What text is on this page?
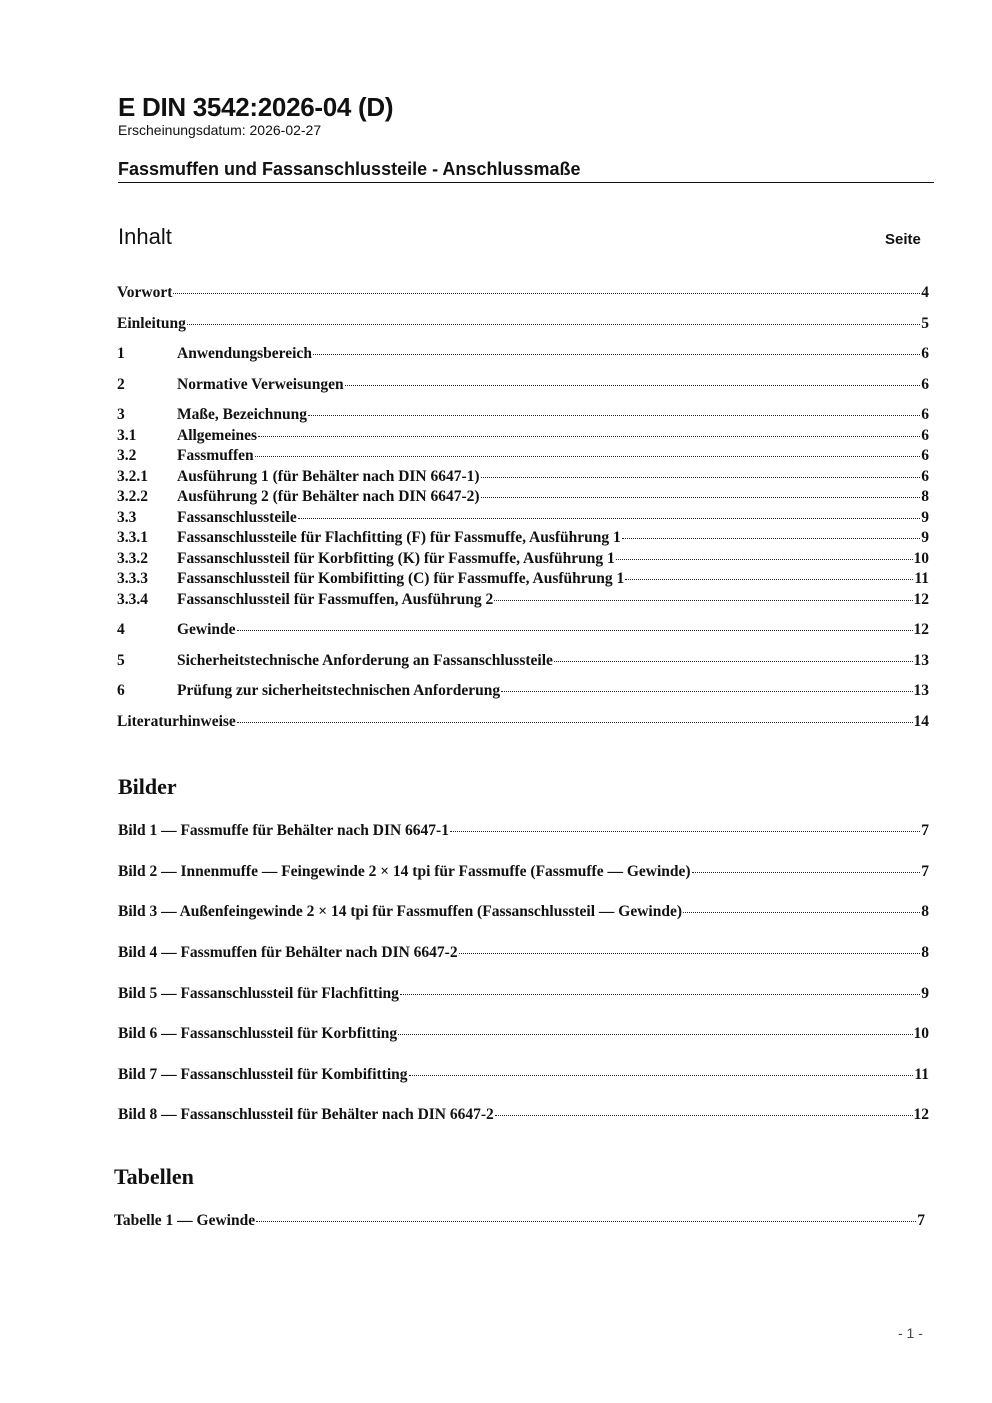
E DIN 3542:2026-04 (D)
Erscheinungsdatum: 2026-02-27
Fassmuffen und Fassanschlussteile - Anschlussmaße
Inhalt	Seite
Vorwort	4
Einleitung	5
1	Anwendungsbereich	6
2	Normative Verweisungen	6
3	Maße, Bezeichnung	6
3.1	Allgemeines	6
3.2	Fassmuffen	6
3.2.1	Ausführung 1 (für Behälter nach DIN 6647-1)	6
3.2.2	Ausführung 2 (für Behälter nach DIN 6647-2)	8
3.3	Fassanschlussteile	9
3.3.1	Fassanschlussteile für Flachfitting (F) für Fassmuffe, Ausführung 1	9
3.3.2	Fassanschlussteil für Korbfitting (K) für Fassmuffe, Ausführung 1	10
3.3.3	Fassanschlussteil für Kombifitting (C) für Fassmuffe, Ausführung 1	11
3.3.4	Fassanschlussteil für Fassmuffen, Ausführung 2	12
4	Gewinde	12
5	Sicherheitstechnische Anforderung an Fassanschlussteile	13
6	Prüfung zur sicherheitstechnischen Anforderung	13
Literaturhinweise	14
Bilder
Bild 1 — Fassmuffe für Behälter nach DIN 6647-1	7
Bild 2 — Innenmuffe — Feingewinde 2 × 14 tpi für Fassmuffe (Fassmuffe — Gewinde)	7
Bild 3 — Außenfeingewinde 2 × 14 tpi für Fassmuffen (Fassanschlussteil — Gewinde)	8
Bild 4 — Fassmuffen für Behälter nach DIN 6647-2	8
Bild 5 — Fassanschlussteil für Flachfitting	9
Bild 6 — Fassanschlussteil für Korbfitting	10
Bild 7 — Fassanschlussteil für Kombifitting	11
Bild 8 — Fassanschlussteil für Behälter nach DIN 6647-2	12
Tabellen
Tabelle 1 — Gewinde	7
- 1 -
